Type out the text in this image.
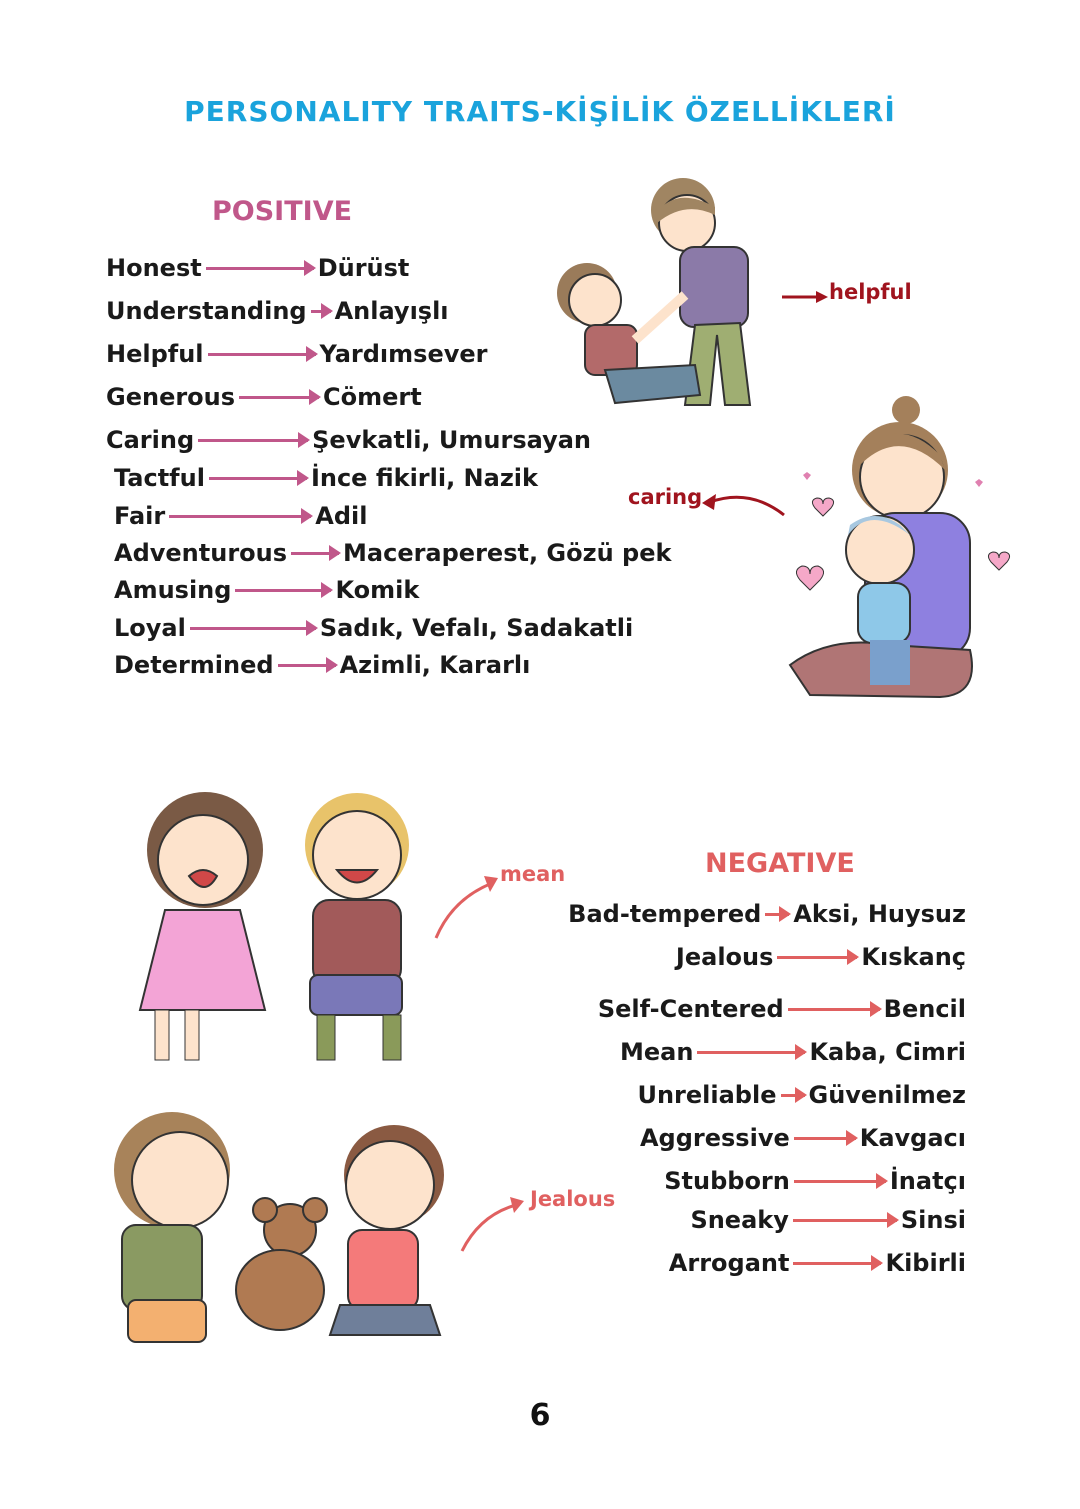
PERSONALITY TRAITS-KİŞİLİK ÖZELLİKLERİ
POSITIVE
Honest	Dürüst
Understanding Anlayışlı
Helpful	Yardımsever
Generous	Cömert
Caring	Şevkatli, Umursayan
Tactful	İnce fikirli, Nazik
Fair	Adil
Adventurous Maceraperest, Gözü pek
Amusing	Komik
Loyal	Sadık, Vefalı, Sadakatli
Determined	Azimli, Kararlı
helpful
caring
mean
Jealous
NEGATIVE
Bad-tempered Aksi, Huysuz
Jealous	Kıskanç
Self-Centered	Bencil
Mean	Kaba, Cimri
Unreliable Güvenilmez
Aggressive	Kavgacı
Stubborn	İnatçı
Sneaky	Sinsi
Arrogant	Kibirli
6
